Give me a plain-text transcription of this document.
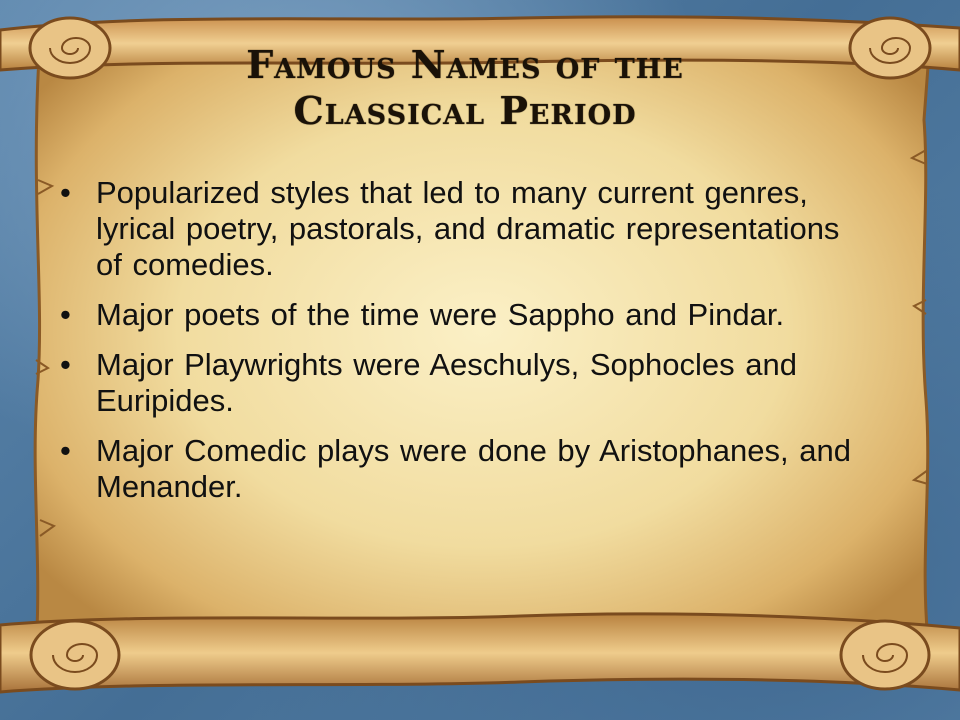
Famous Names of the
Classical Period
• Popularized styles that led to many current genres, lyrical poetry, pastorals, and dramatic representations of comedies.
• Major poets of the time were Sappho and Pindar.
• Major Playwrights were Aeschulys, Sophocles and Euripides.
• Major Comedic plays were done by Aristophanes, and Menander.
